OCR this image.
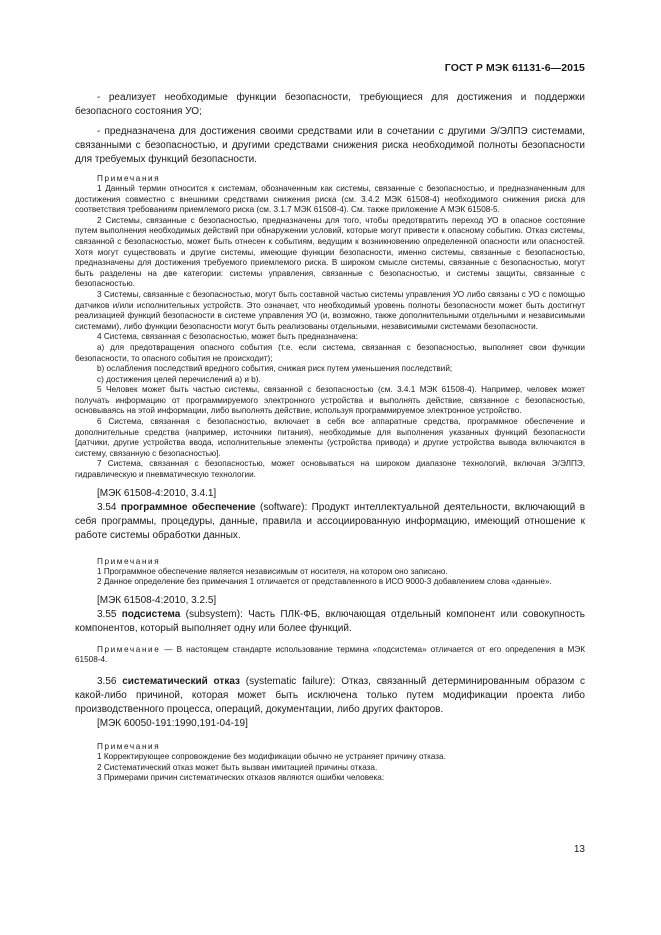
ГОСТ Р МЭК 61131-6—2015

- реализует необходимые функции безопасности, требующиеся для достижения и поддержки безопасного состояния УО;

- предназначена для достижения своими средствами или в сочетании с другими Э/ЭЛПЭ системами, связанными с безопасностью, и другими средствами снижения риска необходимой полноты безопасности для требуемых функций безопасности.

Примечания

1 Данный термин относится к системам, обозначенным как системы, связанные с безопасностью, и предназначенным для достижения совместно с внешними средствами снижения риска (см. 3.4.2 МЭК 61508-4) необходимого снижения риска для соответствия требованиям приемлемого риска (см. 3.1.7 МЭК 61508-4). См. также приложение А МЭК 61508-5.

2 Системы, связанные с безопасностью, предназначены для того, чтобы предотвратить переход УО в опасное состояние путем выполнения необходимых действий при обнаружении условий, которые могут привести к опасному событию. Отказ системы, связанной с безопасностью, может быть отнесен к событиям, ведущим к возникновению определенной опасности или опасностей. Хотя могут существовать и другие системы, имеющие функции безопасности, именно системы, связанные с безопасностью, предназначены для достижения требуемого приемлемого риска. В широком смысле системы, связанные с безопасностью, могут быть разделены на две категории: системы управления, связанные с безопасностью, и системы защиты, связанные с безопасностью.

3 Системы, связанные с безопасностью, могут быть составной частью системы управления УО либо связаны с УО с помощью датчиков и/или исполнительных устройств. Это означает, что необходимый уровень полноты безопасности может быть достигнут реализацией функций безопасности в системе управления УО (и, возможно, также дополнительными отдельными и независимыми системами), либо функции безопасности могут быть реализованы отдельными, независимыми системами безопасности.

4 Система, связанная с безопасностью, может быть предназначена:

а) для предотвращения опасного события (т.е. если система, связанная с безопасностью, выполняет свои функции безопасности, то опасного события не происходит);

b) ослабления последствий вредного события, снижая риск путем уменьшения последствий;

c) достижения целей перечислений а) и b).

5 Человек может быть частью системы, связанной с безопасностью (см. 3.4.1 МЭК 61508-4). Например, человек может получать информацию от программируемого электронного устройства и выполнять действие, связанное с безопасностью, основываясь на этой информации, либо выполнять действие, используя программируемое электронное устройство.

6 Система, связанная с безопасностью, включает в себя все аппаратные средства, программное обеспечение и дополнительные средства (например, источники питания), необходимые для выполнения указанных функций безопасности [датчики, другие устройства ввода, исполнительные элементы (устройства привода) и другие устройства вывода включаются в систему, связанную с безопасностью].

7 Система, связанная с безопасностью, может основываться на широком диапазоне технологий, включая Э/ЭЛПЭ, гидравлическую и пневматическую технологии.

[МЭК 61508-4:2010, 3.4.1]

3.54 программное обеспечение (software): Продукт интеллектуальной деятельности, включающий в себя программы, процедуры, данные, правила и ассоциированную информацию, имеющий отношение к работе системы обработки данных.

Примечания

1 Программное обеспечение является независимым от носителя, на котором оно записано.

2 Данное определение без примечания 1 отличается от представленного в ИСО 9000-3 добавлением слова «данные».

[МЭК 61508-4:2010, 3.2.5]

3.55 подсистема (subsystem): Часть ПЛК-ФБ, включающая отдельный компонент или совокупность компонентов, который выполняет одну или более функций.

Примечание — В настоящем стандарте использование термина «подсистема» отличается от его определения в МЭК 61508-4.

3.56 систематический отказ (systematic failure): Отказ, связанный детерминированным образом с какой-либо причиной, которая может быть исключена только путем модификации проекта либо производственного процесса, операций, документации, либо других факторов.

[МЭК 60050-191:1990,191-04-19]

Примечания

1 Корректирующее сопровождение без модификации обычно не устраняет причину отказа.

2 Систематический отказ может быть вызван имитацией причины отказа.

3 Примерами причин систематических отказов являются ошибки человека:

13
